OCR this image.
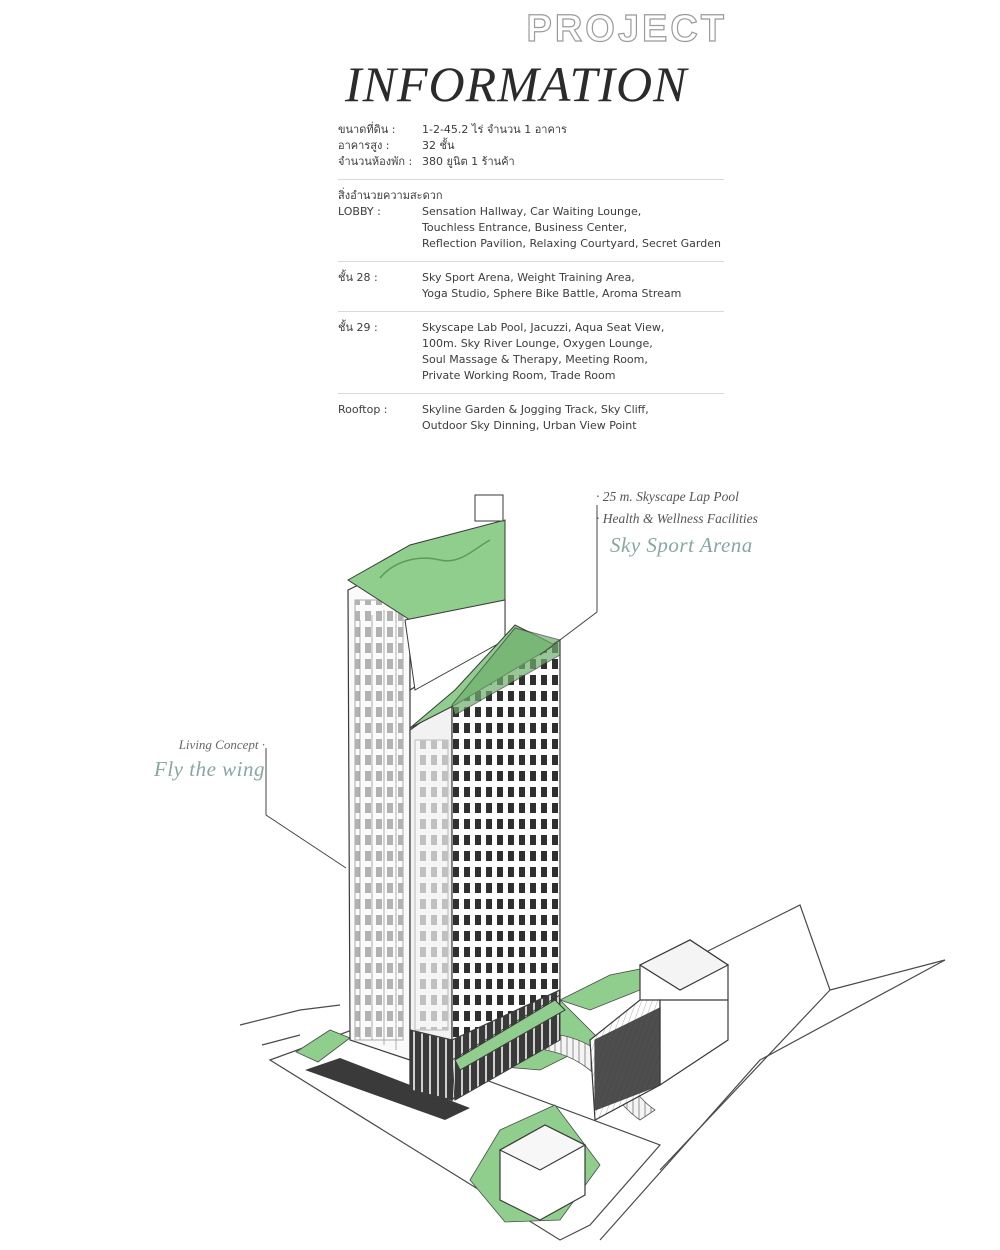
PROJECT
INFORMATION
ขนาดที่ดิน : 1-2-45.2 ไร่ จำนวน 1 อาคาร
อาคารสูง :	32 ชั้น
จำนวนห้องพัก : 380 ยูนิต 1 ร้านค้า
สิ่งอำนวยความสะดวก
LOBBY :	Sensation Hallway, Car Waiting Lounge,
Touchless Entrance, Business Center,
Reflection Pavilion, Relaxing Courtyard, Secret Garden
ชั้น 28 :	Sky Sport Arena, Weight Training Area,
Yoga Studio, Sphere Bike Battle, Aroma Stream
ชั้น 29 :	Skyscape Lab Pool, Jacuzzi, Aqua Seat View,
100m. Sky River Lounge, Oxygen Lounge,
Soul Massage & Therapy, Meeting Room,
Private Working Room, Trade Room
Rooftop :	Skyline Garden & Jogging Track, Sky Cliff,
Outdoor Sky Dinning, Urban View Point
· 25 m. Skyscape Lap Pool
· Health & Wellness Facilities
Sky Sport Arena
Living Concept ·
Fly the wing
